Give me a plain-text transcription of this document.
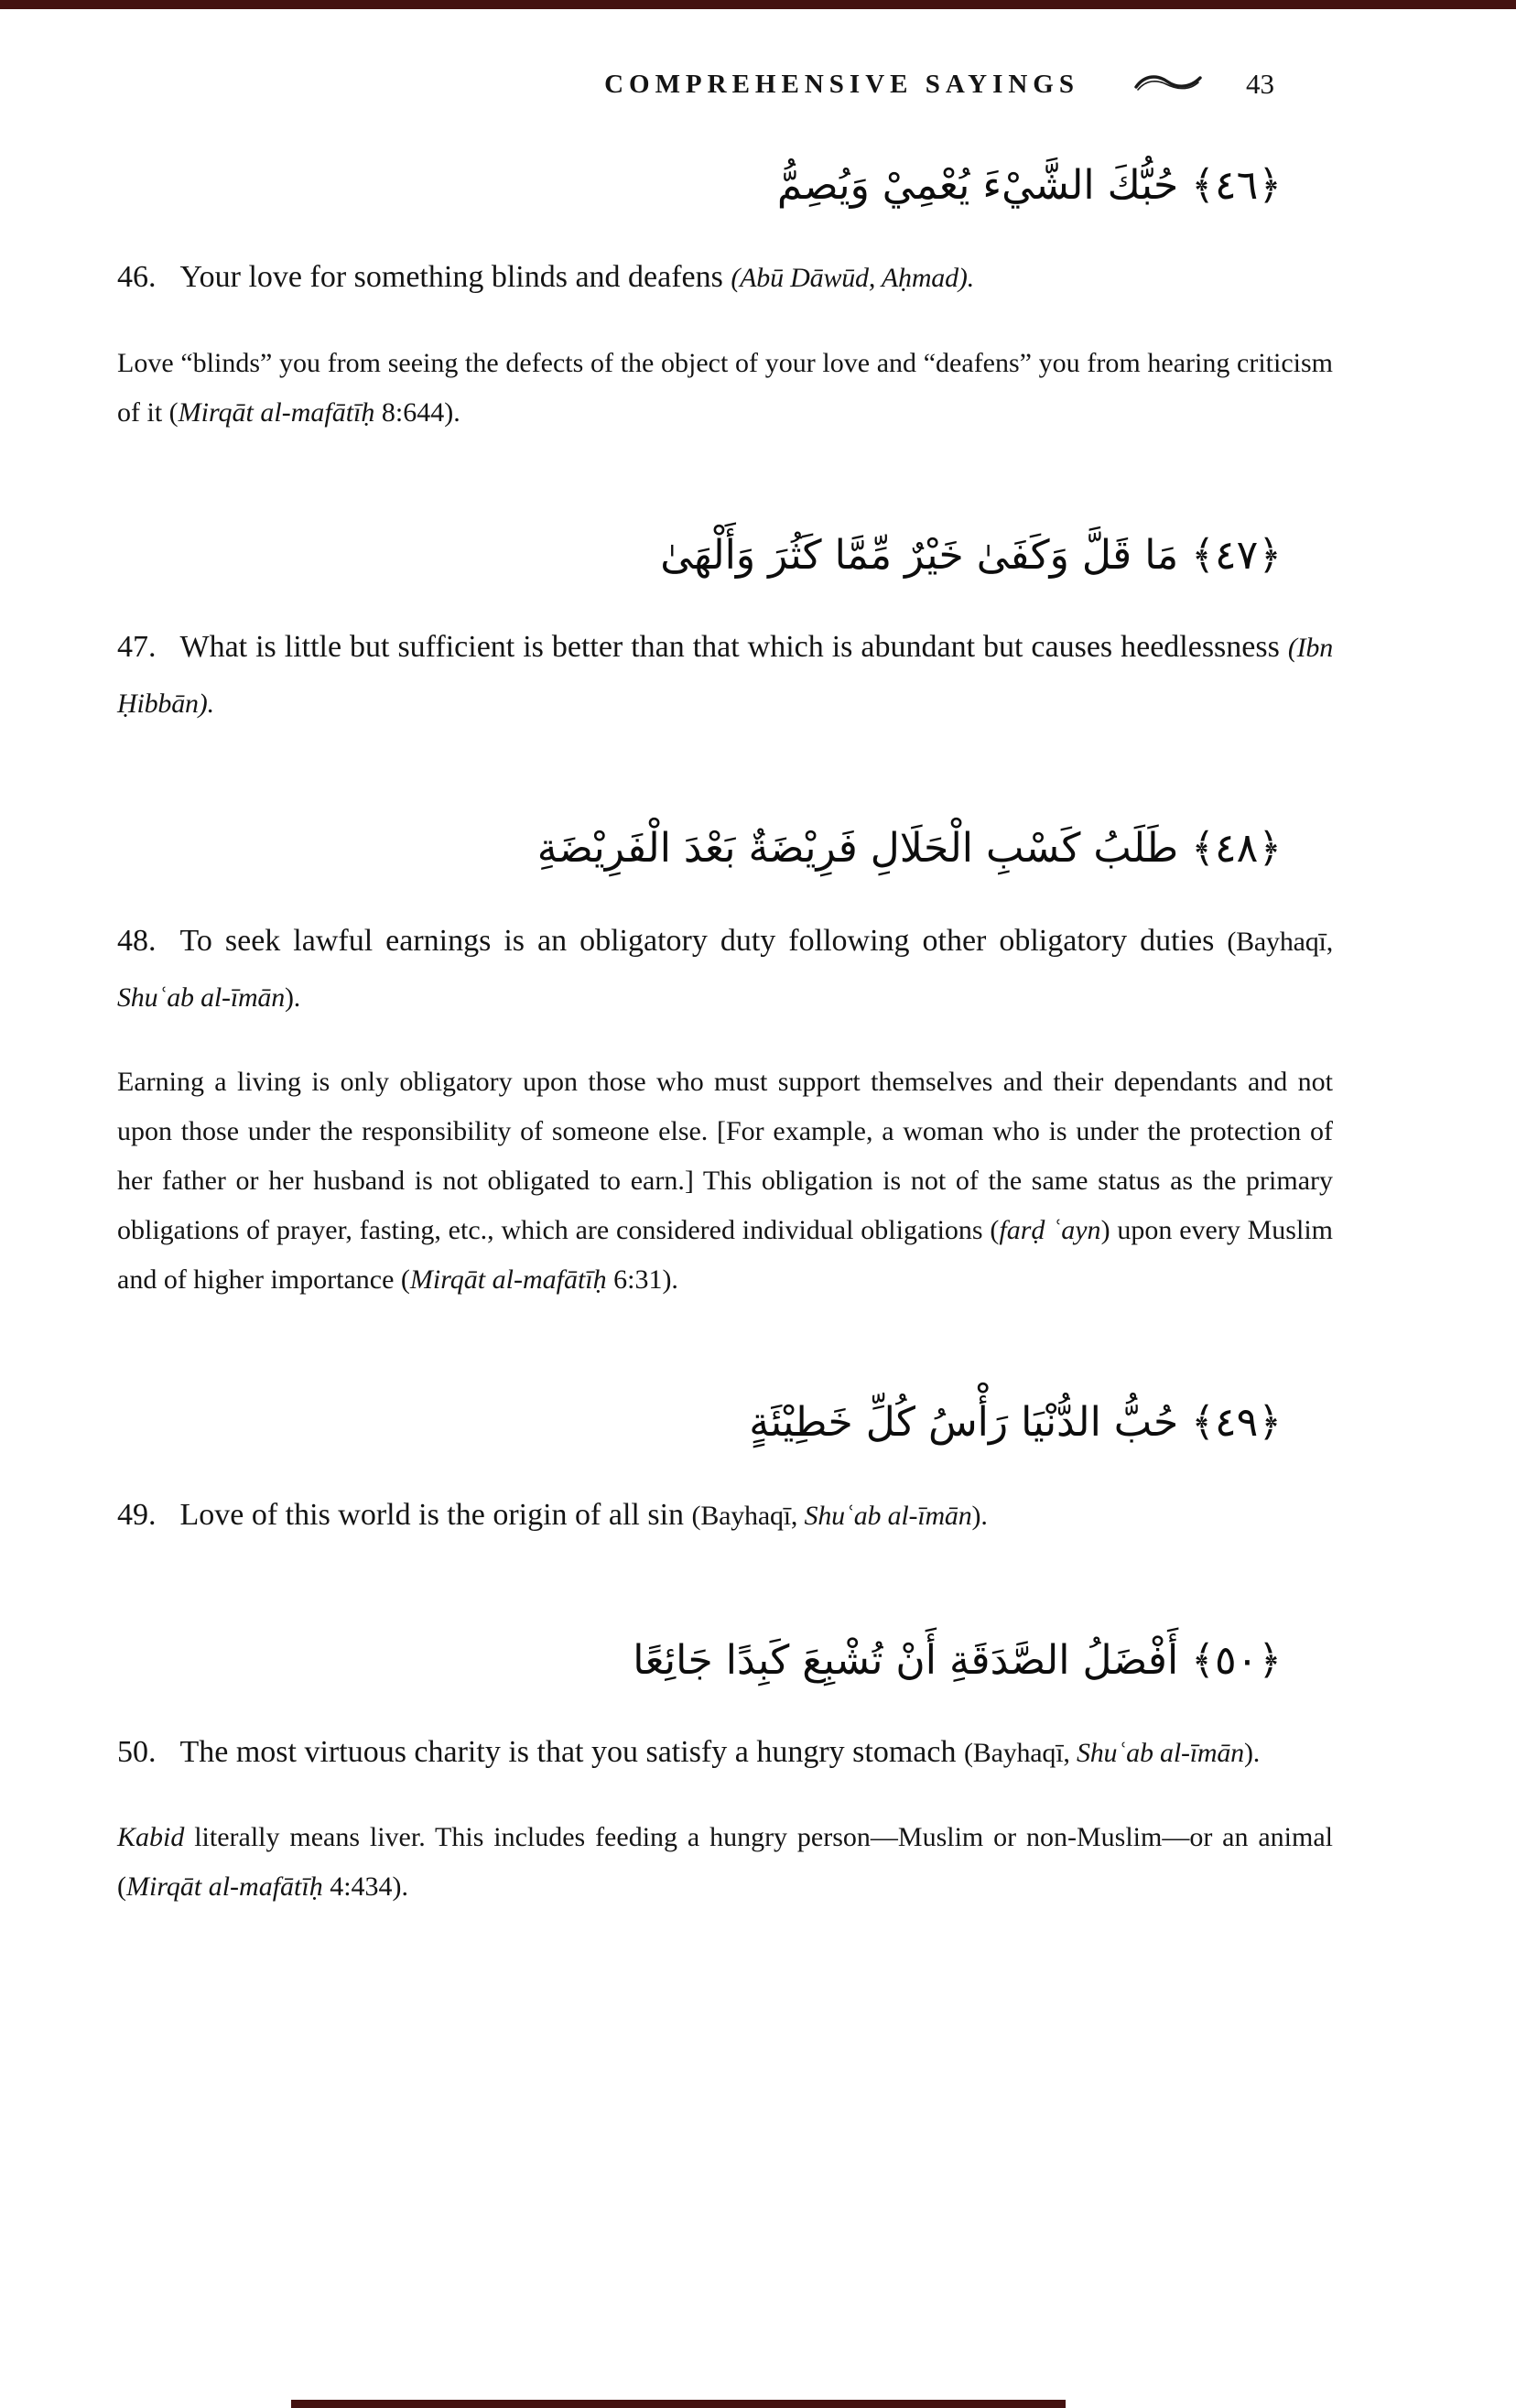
COMPREHENSIVE SAYINGS	43

﴿٤٦﴾ حُبُّكَ الشَّيْءَ يُعْمِيْ وَيُصِمُّ

46. Your love for something blinds and deafens (Abū Dāwūd, Aḥmad).

Love “blinds” you from seeing the defects of the object of your love and “deafens” you from hearing criticism of it (Mirqāt al-mafātīḥ 8:644).

﴿٤٧﴾ مَا قَلَّ وَكَفَىٰ خَيْرٌ مِّمَّا كَثُرَ وَأَلْهَىٰ

47. What is little but sufficient is better than that which is abundant but causes heedlessness (Ibn Ḥibbān).

﴿٤٨﴾ طَلَبُ كَسْبِ الْحَلَالِ فَرِيْضَةٌ بَعْدَ الْفَرِيْضَةِ

48. To seek lawful earnings is an obligatory duty following other obligatory duties (Bayhaqī, Shuʿab al-īmān).

Earning a living is only obligatory upon those who must support themselves and their dependants and not upon those under the responsibility of someone else. [For example, a woman who is under the protection of her father or her husband is not obligated to earn.] This obligation is not of the same status as the primary obligations of prayer, fasting, etc., which are considered individual obligations (farḍ ʿayn) upon every Muslim and of higher importance (Mirqāt al-mafātīḥ 6:31).

﴿٤٩﴾ حُبُّ الدُّنْيَا رَأْسُ كُلِّ خَطِيْئَةٍ

49. Love of this world is the origin of all sin (Bayhaqī, Shuʿab al-īmān).

﴿٥٠﴾ أَفْضَلُ الصَّدَقَةِ أَنْ تُشْبِعَ كَبِدًا جَائِعًا

50. The most virtuous charity is that you satisfy a hungry stomach (Bayhaqī, Shuʿab al-īmān).

Kabid literally means liver. This includes feeding a hungry person—Muslim or non-Muslim—or an animal (Mirqāt al-mafātīḥ 4:434).
